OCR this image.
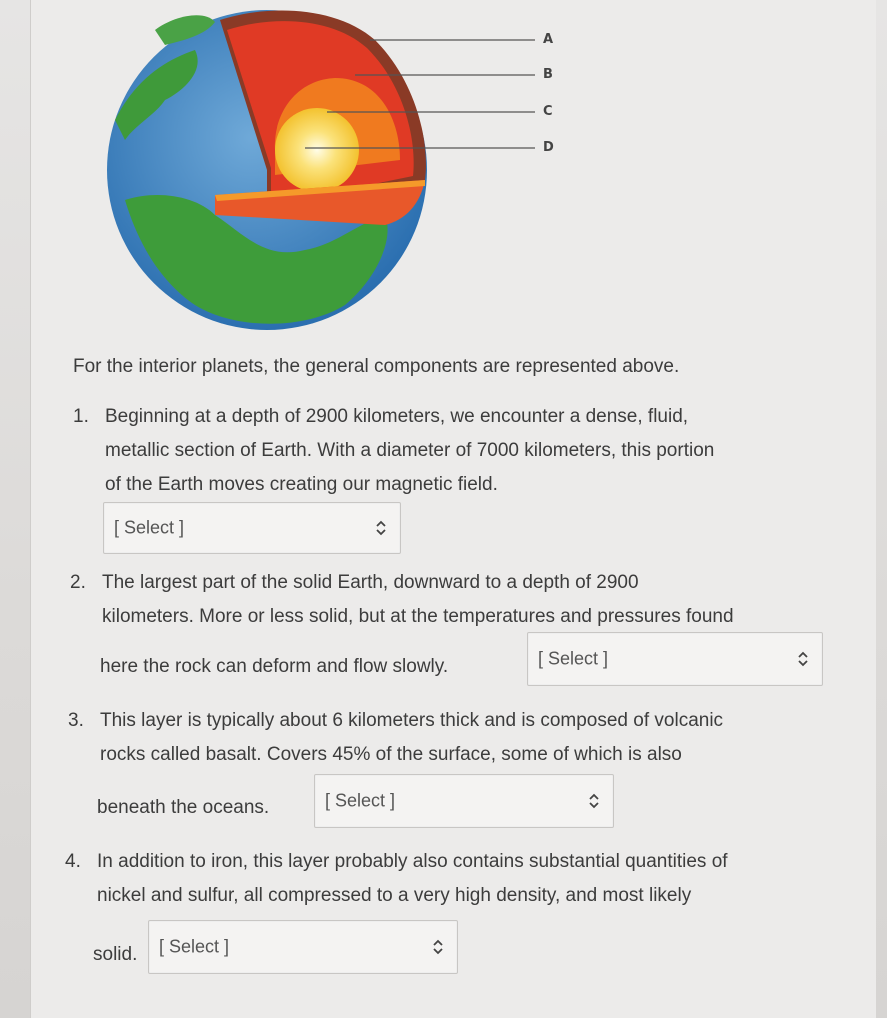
A
B
C
D
For the interior planets, the general components are represented above.
1. Beginning at a depth of 2900 kilometers, we encounter a dense, fluid,
metallic section of Earth. With a diameter of 7000 kilometers, this portion
of the Earth moves creating our magnetic field.
[ Select ]
2. The largest part of the solid Earth, downward to a depth of 2900
kilometers. More or less solid, but at the temperatures and pressures found
here the rock can deform and flow slowly.	[ Select ]
3. This layer is typically about 6 kilometers thick and is composed of volcanic
rocks called basalt. Covers 45% of the surface, some of which is also
beneath the oceans.	[ Select ]
4. In addition to iron, this layer probably also contains substantial quantities of
nickel and sulfur, all compressed to a very high density, and most likely
solid. [ Select ]
